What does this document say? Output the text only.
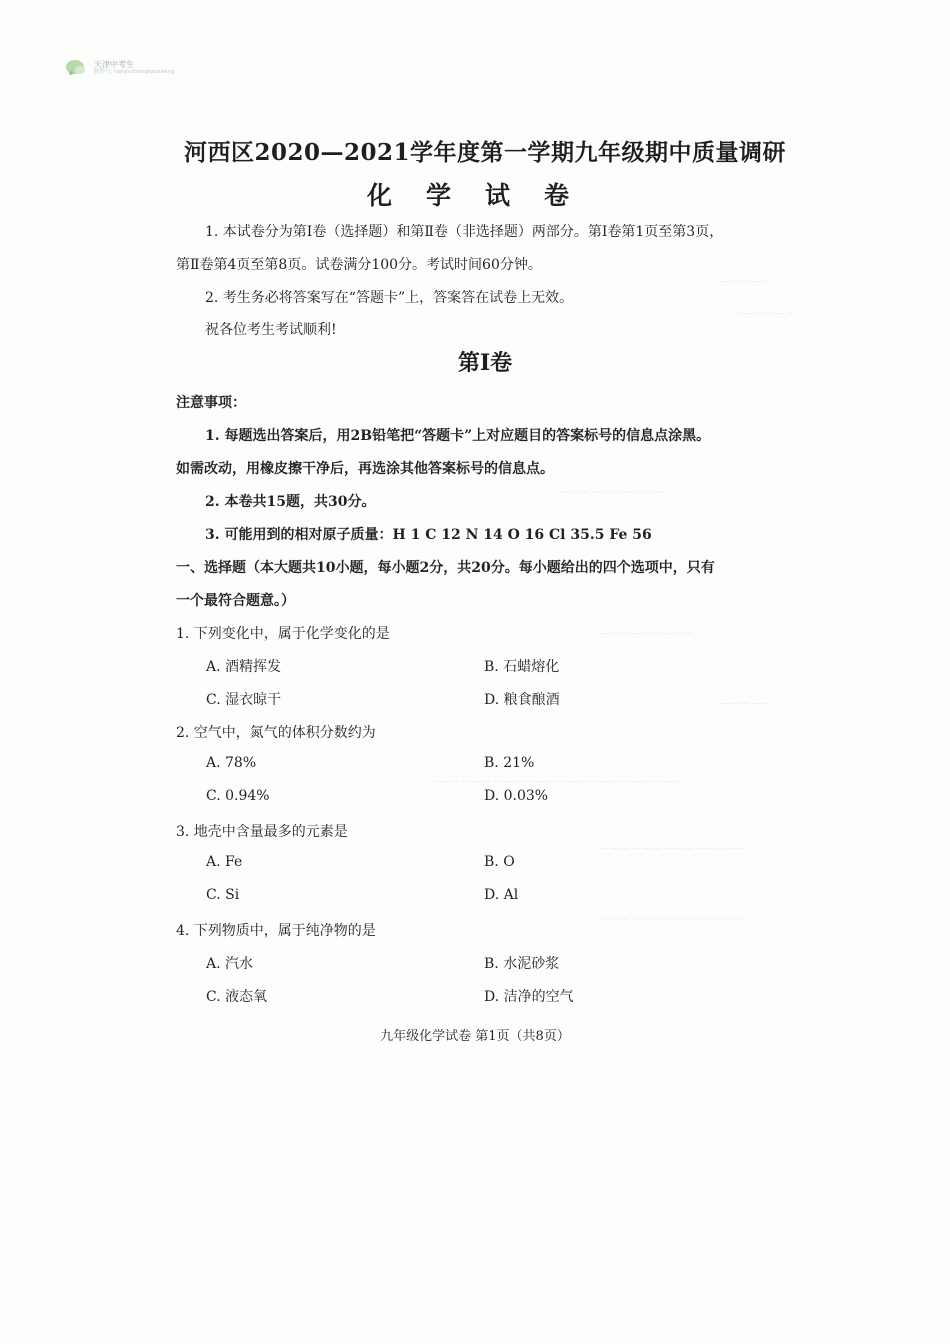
_ _ _ _ _
_ _ _ _ _ _
_ _ _ _ _ _ _ _ _ _
_ _ _ _ _ _ _ _ _
_ _ _ _ _
_ _ _ _ _ _ _ _ _ _ _ _ _ _ _ _ _ _ _ _ _ _ _ _
_ _ _ _ _ _ _ _ _ _ _ _ _ _
_ _ _ _ _ _ _ _ _ _ _ _ _ _
天津中考生
微博号: tianjinzhongkaosheng
河西区2020—2021学年度第一学期九年级期中质量调研
化学试卷
1. 本试卷分为第Ⅰ卷（选择题）和第Ⅱ卷（非选择题）两部分。第Ⅰ卷第1页至第3页，
第Ⅱ卷第4页至第8页。试卷满分100分。考试时间60分钟。
2. 考生务必将答案写在“答题卡”上，答案答在试卷上无效。
祝各位考生考试顺利!
第Ⅰ卷
注意事项：
1. 每题选出答案后，用2B铅笔把“答题卡”上对应题目的答案标号的信息点涂黑。
如需改动，用橡皮擦干净后，再选涂其他答案标号的信息点。
2. 本卷共15题，共30分。
3. 可能用到的相对原子质量：H 1 C 12 N 14 O 16 Cl 35.5 Fe 56
一、选择题（本大题共10小题，每小题2分，共20分。每小题给出的四个选项中，只有
一个最符合题意。）
1. 下列变化中，属于化学变化的是
A. 酒精挥发	B. 石蜡熔化
C. 湿衣晾干	D. 粮食酿酒
2. 空气中，氮气的体积分数约为
A. 78%	B. 21%
C. 0.94%	D. 0.03%
3. 地壳中含量最多的元素是
A. Fe	B. O
C. Si	D. Al
4. 下列物质中，属于纯净物的是
A. 汽水	B. 水泥砂浆
C. 液态氧	D. 洁净的空气
九年级化学试卷 第1页（共8页）
